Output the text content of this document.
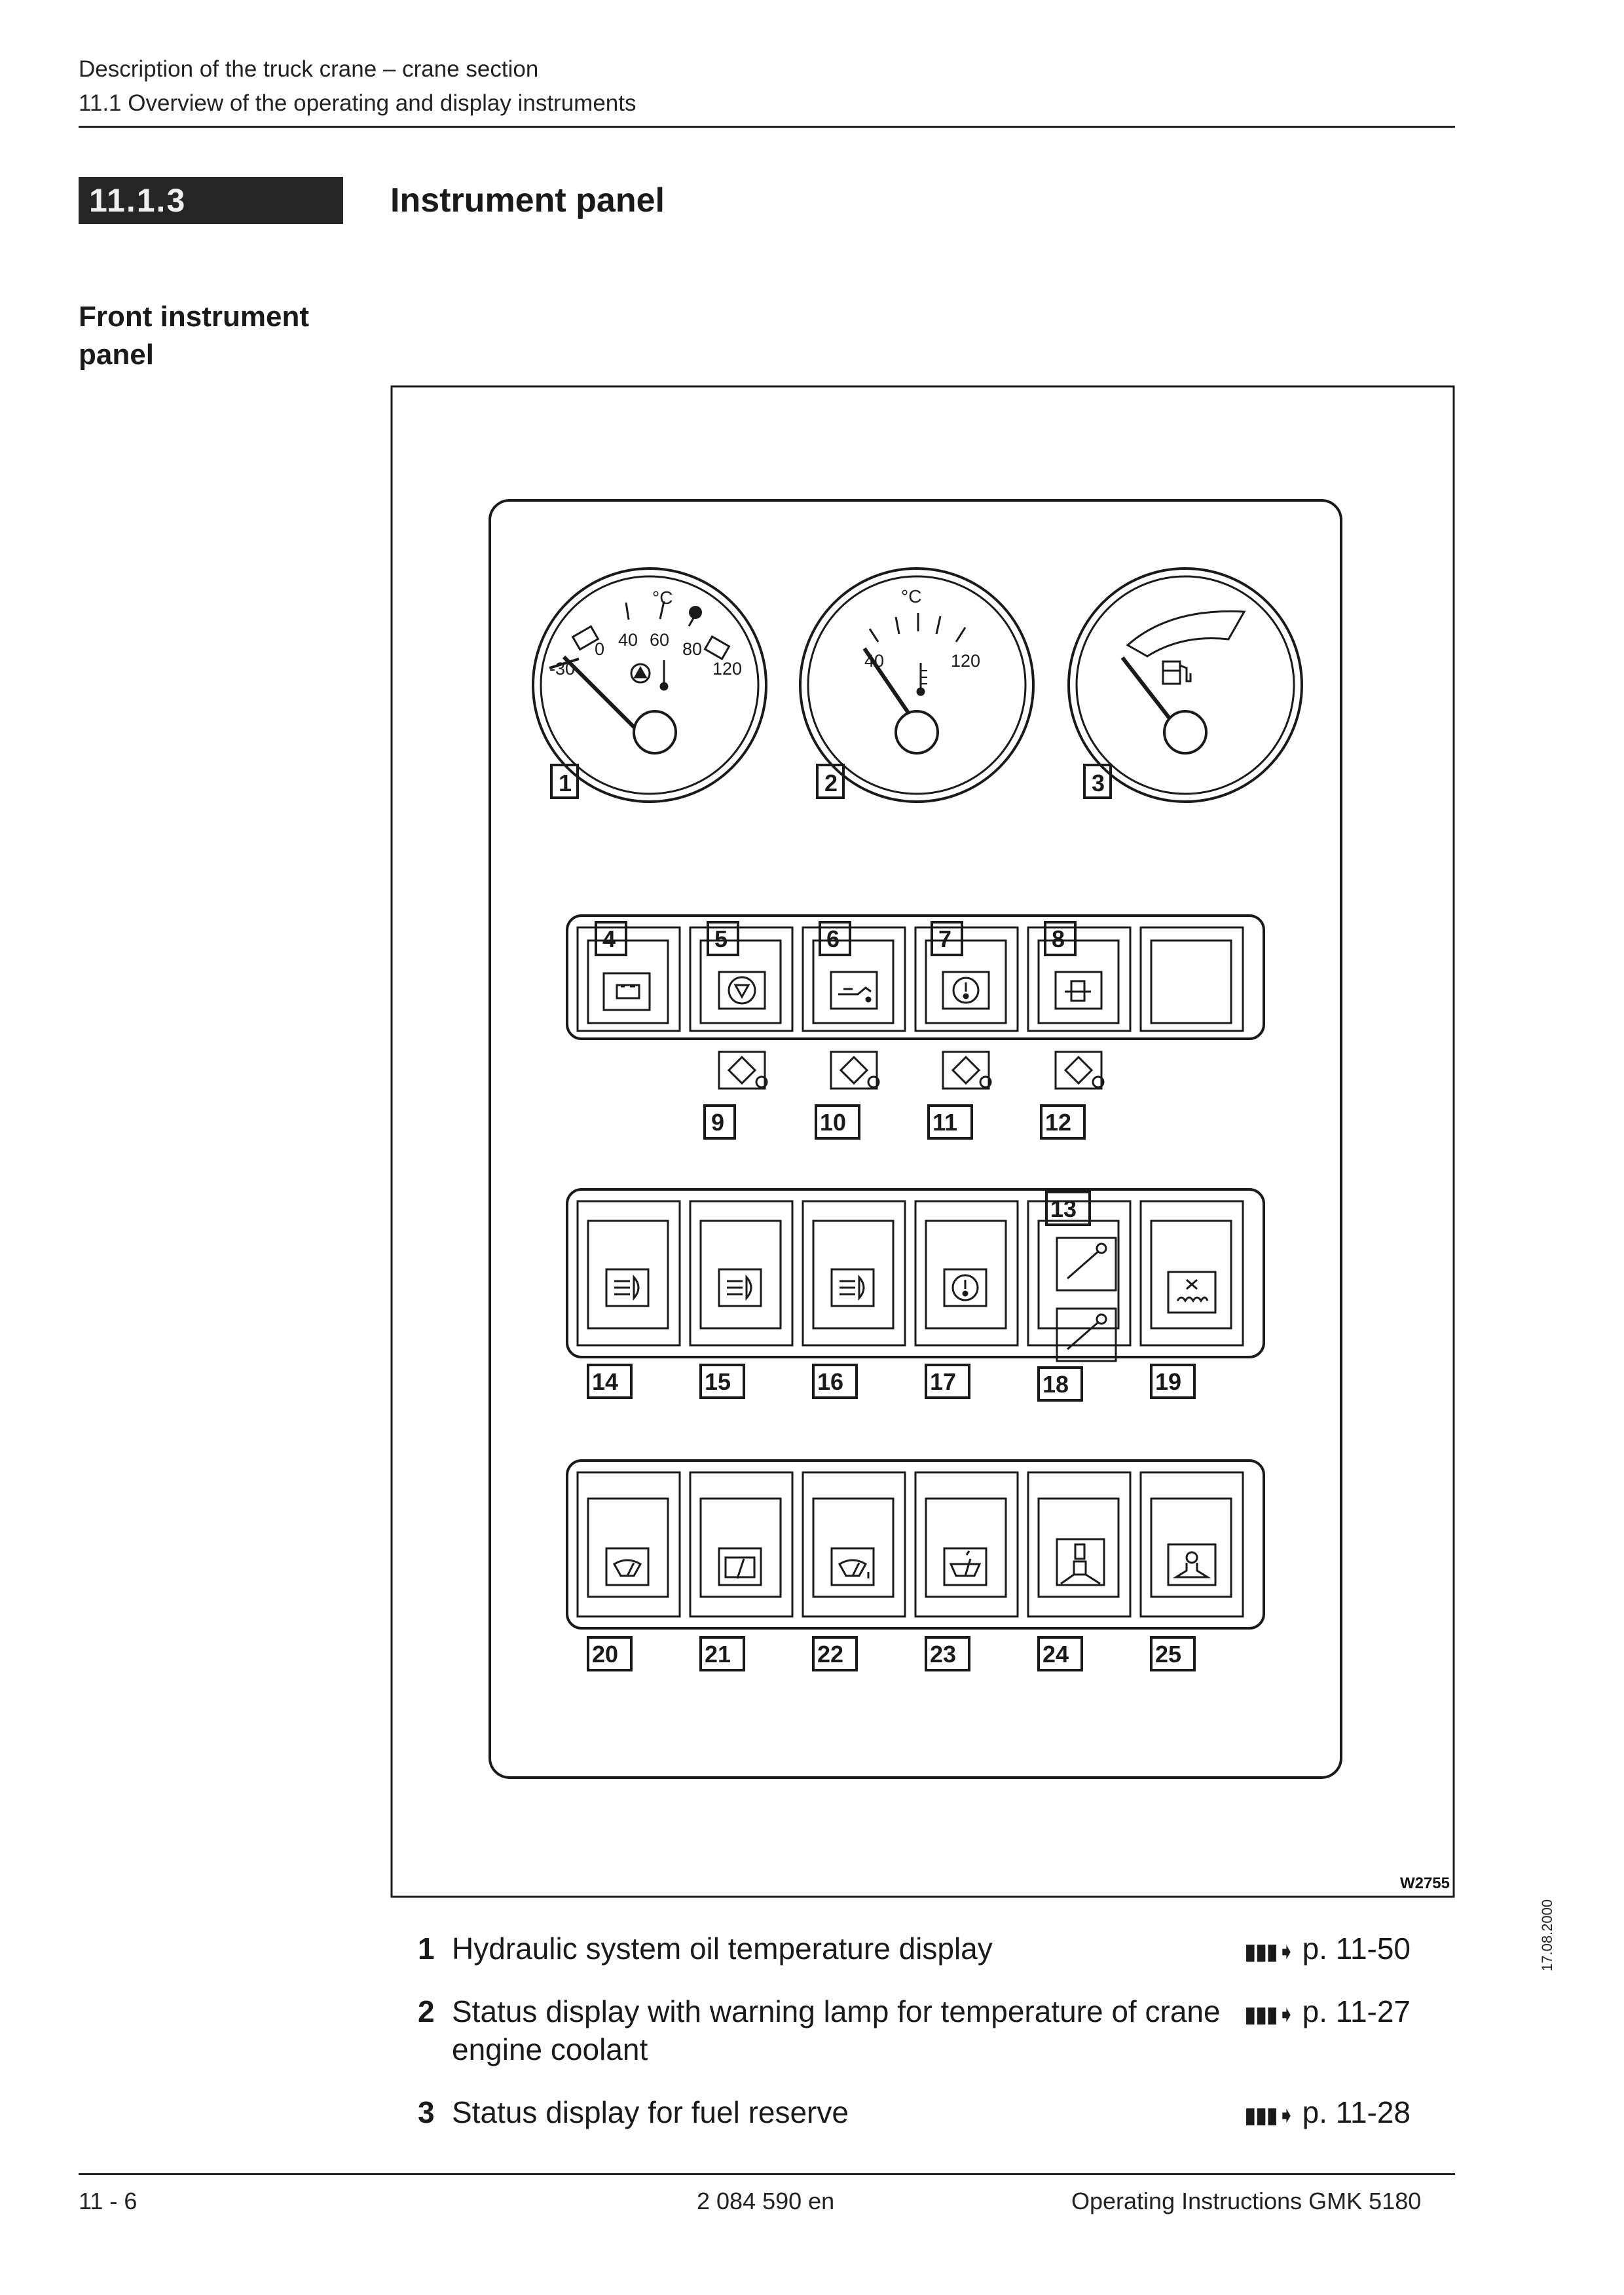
Description of the truck crane – crane section
11.1 Overview of the operating and display instruments
11.1.3	Instrument panel
Front instrument
panel
°C
-30
0 40 60 80
120
1
°C
40	120
2	3
4	5	6	7	8
9	10	11	12
13
14	15	16	17	18	19
20	21	22	23	24	25
W2755
1 Hydraulic system oil temperature display	▮▮▮➧ p. 11-50
2 Status display with warning lamp for temperature of crane engine coolant
▮▮▮➧ p. 11-27
3 Status display for fuel reserve	▮▮▮➧ p. 11-28
17.08.2000
11 - 6	2 084 590 en	Operating Instructions GMK 5180
